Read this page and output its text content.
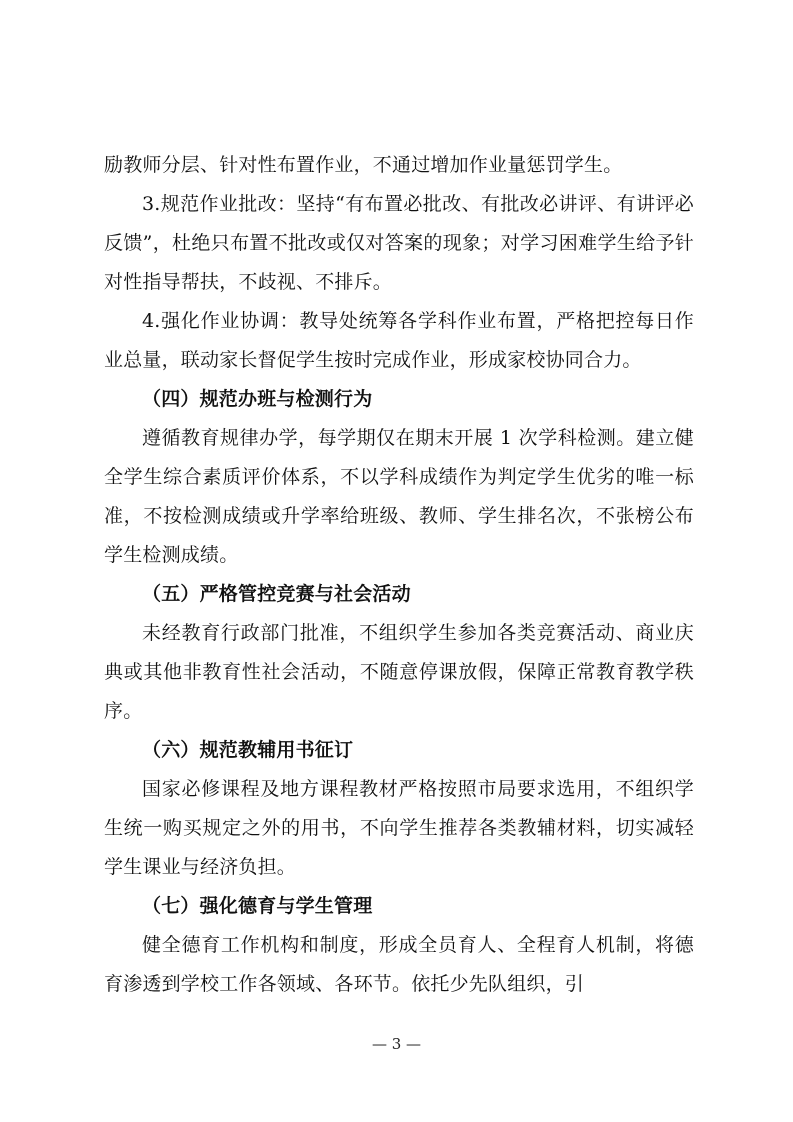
励教师分层、针对性布置作业，不通过增加作业量惩罚学生。

3.规范作业批改：坚持“有布置必批改、有批改必讲评、有讲评必反馈”，杜绝只布置不批改或仅对答案的现象；对学习困难学生给予针对性指导帮扶，不歧视、不排斥。

4.强化作业协调：教导处统筹各学科作业布置，严格把控每日作业总量，联动家长督促学生按时完成作业，形成家校协同合力。

（四）规范办班与检测行为

遵循教育规律办学，每学期仅在期末开展 1 次学科检测。建立健全学生综合素质评价体系，不以学科成绩作为判定学生优劣的唯一标准，不按检测成绩或升学率给班级、教师、学生排名次，不张榜公布学生检测成绩。

（五）严格管控竞赛与社会活动

未经教育行政部门批准，不组织学生参加各类竞赛活动、商业庆典或其他非教育性社会活动，不随意停课放假，保障正常教育教学秩序。

（六）规范教辅用书征订

国家必修课程及地方课程教材严格按照市局要求选用，不组织学生统一购买规定之外的用书，不向学生推荐各类教辅材料，切实减轻学生课业与经济负担。

（七）强化德育与学生管理

健全德育工作机构和制度，形成全员育人、全程育人机制，将德育渗透到学校工作各领域、各环节。依托少先队组织，引

— 3 —
